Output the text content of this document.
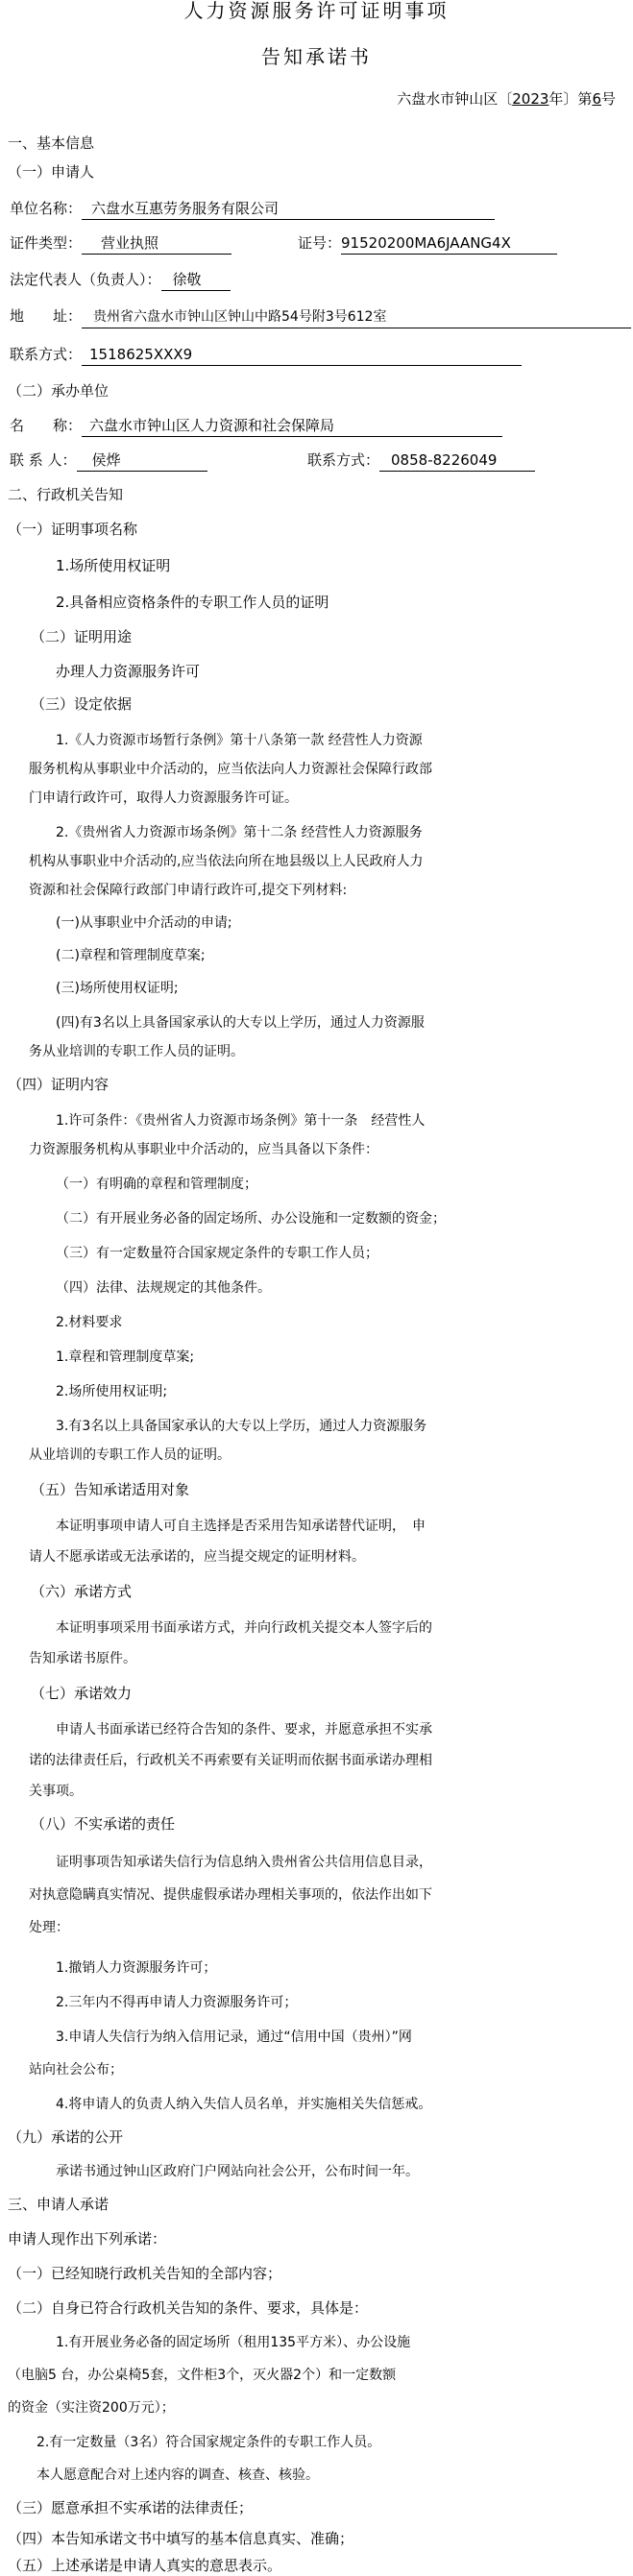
人力资源服务许可证明事项
告知承诺书
六盘水市钟山区〔2023年〕第6号
一、基本信息
（一）申请人
单位名称： 六盘水互惠劳务服务有限公司
证件类型： 营业执照	证号：91520200MA6JAANG4X
法定代表人（负责人）： 徐敬
地　　址： 贵州省六盘水市钟山区钟山中路54号附3号612室
联系方式： 1518625XXX9
（二）承办单位
名　　称： 六盘水市钟山区人力资源和社会保障局
联 系 人： 侯烨	联系方式： 0858-8226049
二、行政机关告知
（一）证明事项名称
1.场所使用权证明
2.具备相应资格条件的专职工作人员的证明
（二）证明用途
办理人力资源服务许可
（三）设定依据
1.《人力资源市场暂行条例》第十八条第一款 经营性人力资源
服务机构从事职业中介活动的，应当依法向人力资源社会保障行政部
门申请行政许可，取得人力资源服务许可证。
2.《贵州省人力资源市场条例》第十二条 经营性人力资源服务
机构从事职业中介活动的,应当依法向所在地县级以上人民政府人力
资源和社会保障行政部门申请行政许可,提交下列材料:
(一)从事职业中介活动的申请;
(二)章程和管理制度草案;
(三)场所使用权证明;
(四)有3名以上具备国家承认的大专以上学历，通过人力资源服
务从业培训的专职工作人员的证明。
（四）证明内容
1.许可条件：《贵州省人力资源市场条例》第十一条　经营性人
力资源服务机构从事职业中介活动的，应当具备以下条件：
（一）有明确的章程和管理制度；
（二）有开展业务必备的固定场所、办公设施和一定数额的资金；
（三）有一定数量符合国家规定条件的专职工作人员；
（四）法律、法规规定的其他条件。
2.材料要求
1.章程和管理制度草案;
2.场所使用权证明;
3.有3名以上具备国家承认的大专以上学历，通过人力资源服务
从业培训的专职工作人员的证明。
（五）告知承诺适用对象
本证明事项申请人可自主选择是否采用告知承诺替代证明，　申
请人不愿承诺或无法承诺的，应当提交规定的证明材料。
（六）承诺方式
本证明事项采用书面承诺方式，并向行政机关提交本人签字后的
告知承诺书原件。
（七）承诺效力
申请人书面承诺已经符合告知的条件、要求，并愿意承担不实承
诺的法律责任后，行政机关不再索要有关证明而依据书面承诺办理相
关事项。
（八）不实承诺的责任
证明事项告知承诺失信行为信息纳入贵州省公共信用信息目录，
对执意隐瞒真实情况、提供虚假承诺办理相关事项的，依法作出如下
处理：
1.撤销人力资源服务许可；
2.三年内不得再申请人力资源服务许可；
3.申请人失信行为纳入信用记录，通过“信用中国（贵州）”网
站向社会公布；
4.将申请人的负责人纳入失信人员名单，并实施相关失信惩戒。
（九）承诺的公开
承诺书通过钟山区政府门户网站向社会公开，公布时间一年。
三、申请人承诺
申请人现作出下列承诺：
（一）已经知晓行政机关告知的全部内容；
（二）自身已符合行政机关告知的条件、要求，具体是：
1.有开展业务必备的固定场所（租用135平方米）、办公设施
（电脑5 台，办公桌椅5套，文件柜3个，灭火器2个）和一定数额
的资金（实注资200万元）；
2.有一定数量（3名）符合国家规定条件的专职工作人员。
本人愿意配合对上述内容的调查、核查、核验。
（三）愿意承担不实承诺的法律责任；
（四）本告知承诺文书中填写的基本信息真实、准确；
（五）上述承诺是申请人真实的意思表示。
